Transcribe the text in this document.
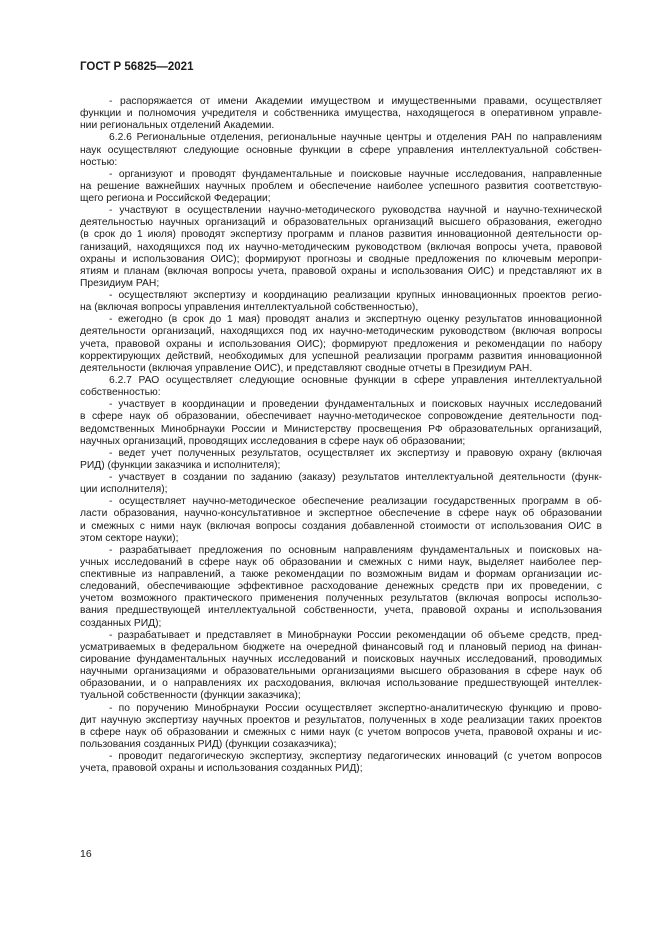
ГОСТ Р 56825—2021
- распоряжается от имени Академии имуществом и имущественными правами, осуществляет
функции и полномочия учредителя и собственника имущества, находящегося в оперативном управле-
нии региональных отделений Академии.
6.2.6 Региональные отделения, региональные научные центры и отделения РАН по направлениям
наук осуществляют следующие основные функции в сфере управления интеллектуальной собствен-
ностью:
- организуют и проводят фундаментальные и поисковые научные исследования, направленные
на решение важнейших научных проблем и обеспечение наиболее успешного развития соответствую-
щего региона и Российской Федерации;
- участвуют в осуществлении научно-методического руководства научной и научно-технической
деятельностью научных организаций и образовательных организаций высшего образования, ежегодно
(в срок до 1 июля) проводят экспертизу программ и планов развития инновационной деятельности ор-
ганизаций, находящихся под их научно-методическим руководством (включая вопросы учета, правовой
охраны и использования ОИС); формируют прогнозы и сводные предложения по ключевым меропри-
ятиям и планам (включая вопросы учета, правовой охраны и использования ОИС) и представляют их в
Президиум РАН;
- осуществляют экспертизу и координацию реализации крупных инновационных проектов регио-
на (включая вопросы управления интеллектуальной собственностью),
- ежегодно (в срок до 1 мая) проводят анализ и экспертную оценку результатов инновационной
деятельности организаций, находящихся под их научно-методическим руководством (включая вопросы
учета, правовой охраны и использования ОИС); формируют предложения и рекомендации по набору
корректирующих действий, необходимых для успешной реализации программ развития инновационной
деятельности (включая управление ОИС), и представляют сводные отчеты в Президиум РАН.
6.2.7 РАО осуществляет следующие основные функции в сфере управления интеллектуальной
собственностью:
- участвует в координации и проведении фундаментальных и поисковых научных исследований
в сфере наук об образовании, обеспечивает научно-методическое сопровождение деятельности под-
ведомственных Минобрнауки России и Министерству просвещения РФ образовательных организаций,
научных организаций, проводящих исследования в сфере наук об образовании;
- ведет учет полученных результатов, осуществляет их экспертизу и правовую охрану (включая
РИД) (функции заказчика и исполнителя);
- участвует в создании по заданию (заказу) результатов интеллектуальной деятельности (функ-
ции исполнителя);
- осуществляет научно-методическое обеспечение реализации государственных программ в об-
ласти образования, научно-консультативное и экспертное обеспечение в сфере наук об образовании
и смежных с ними наук (включая вопросы создания добавленной стоимости от использования ОИС в
этом секторе науки);
- разрабатывает предложения по основным направлениям фундаментальных и поисковых на-
учных исследований в сфере наук об образовании и смежных с ними наук, выделяет наиболее пер-
спективные из направлений, а также рекомендации по возможным видам и формам организации ис-
следований, обеспечивающие эффективное расходование денежных средств при их проведении, с
учетом возможного практического применения полученных результатов (включая вопросы использо-
вания предшествующей интеллектуальной собственности, учета, правовой охраны и использования
созданных РИД);
- разрабатывает и представляет в Минобрнауки России рекомендации об объеме средств, пред-
усматриваемых в федеральном бюджете на очередной финансовый год и плановый период на финан-
сирование фундаментальных научных исследований и поисковых научных исследований, проводимых
научными организациями и образовательными организациями высшего образования в сфере наук об
образовании, и о направлениях их расходования, включая использование предшествующей интеллек-
туальной собственности (функции заказчика);
- по поручению Минобрнауки России осуществляет экспертно-аналитическую функцию и прово-
дит научную экспертизу научных проектов и результатов, полученных в ходе реализации таких проектов
в сфере наук об образовании и смежных с ними наук (с учетом вопросов учета, правовой охраны и ис-
пользования созданных РИД) (функции созаказчика);
- проводит педагогическую экспертизу, экспертизу педагогических инноваций (с учетом вопросов
учета, правовой охраны и использования созданных РИД);
16
